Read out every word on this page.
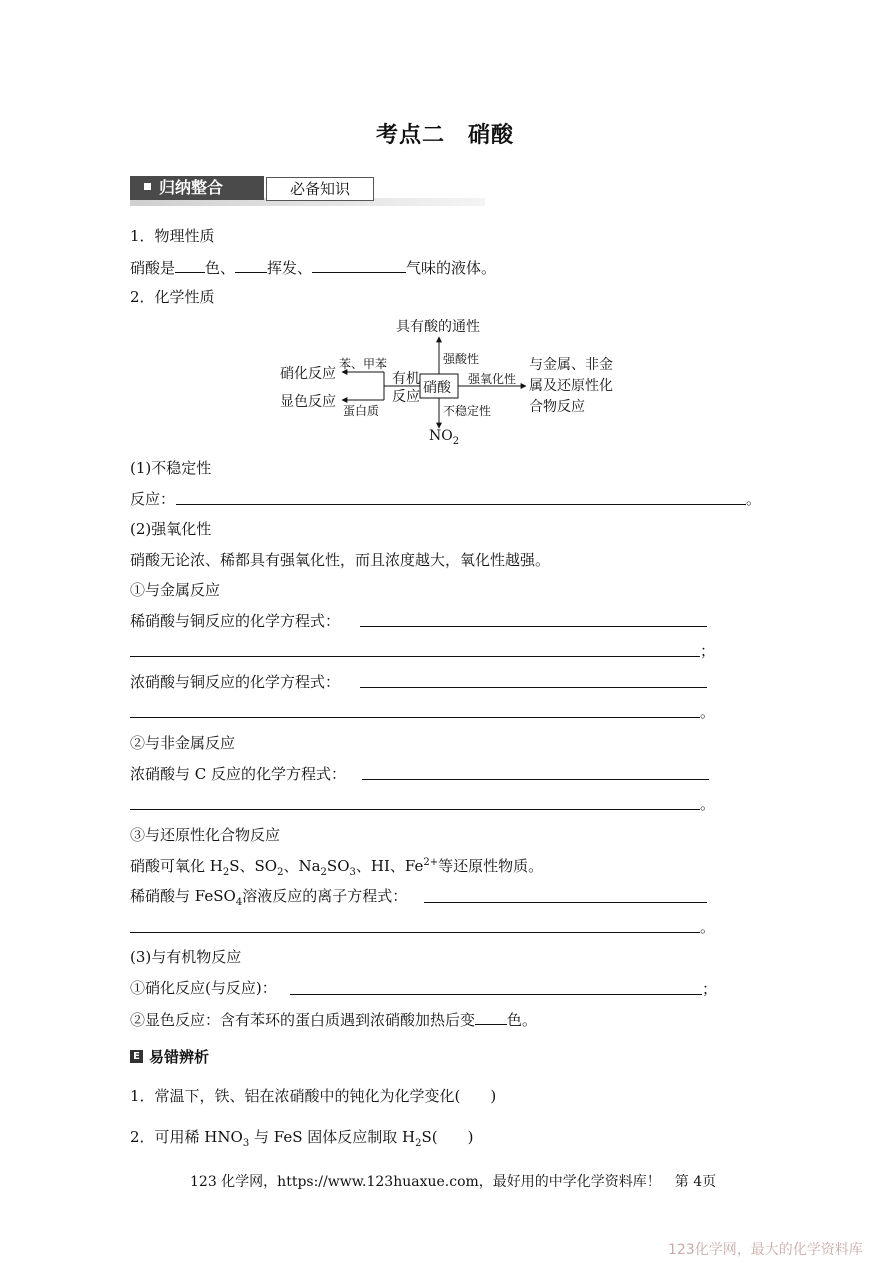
考点二　硝酸
归纳整合	必备知识
1．物理性质
硝酸是 色、 挥发、	气味的液体。
2．化学性质
具有酸的通性
硝酸
强酸性
强氧化性
与金属、非金
属及还原性化
合物反应
不稳定性
$NO_2$
有机
反应
苯、甲苯
蛋白质
硝化反应
显色反应
(1)不稳定性
反应：	。
(2)强氧化性
硝酸无论浓、稀都具有强氧化性，而且浓度越大，氧化性越强。
①与金属反应
稀硝酸与铜反应的化学方程式：
；
浓硝酸与铜反应的化学方程式：
。
②与非金属反应
浓硝酸与 C 反应的化学方程式：
。
③与还原性化合物反应
硝酸可氧化 $H_2S$、$SO_2$、$Na_2SO_3$、HI、$Fe^{2+}$等还原性物质。
稀硝酸与 FeSO$_4$溶液反应的离子方程式：
。
(3)与有机物反应
①硝化反应(与反应)：	；
②显色反应：含有苯环的蛋白质遇到浓硝酸加热后变 色。
E 易错辨析
1．常温下，铁、铝在浓硝酸中的钝化为化学变化(　　)
2．可用稀 $HNO_3$ 与 FeS 固体反应制取 $H_2S$(　　)
123 化学网，https://www.123huaxue.com，最好用的中学化学资料库！　第 4页
123化学网，最大的化学资料库
